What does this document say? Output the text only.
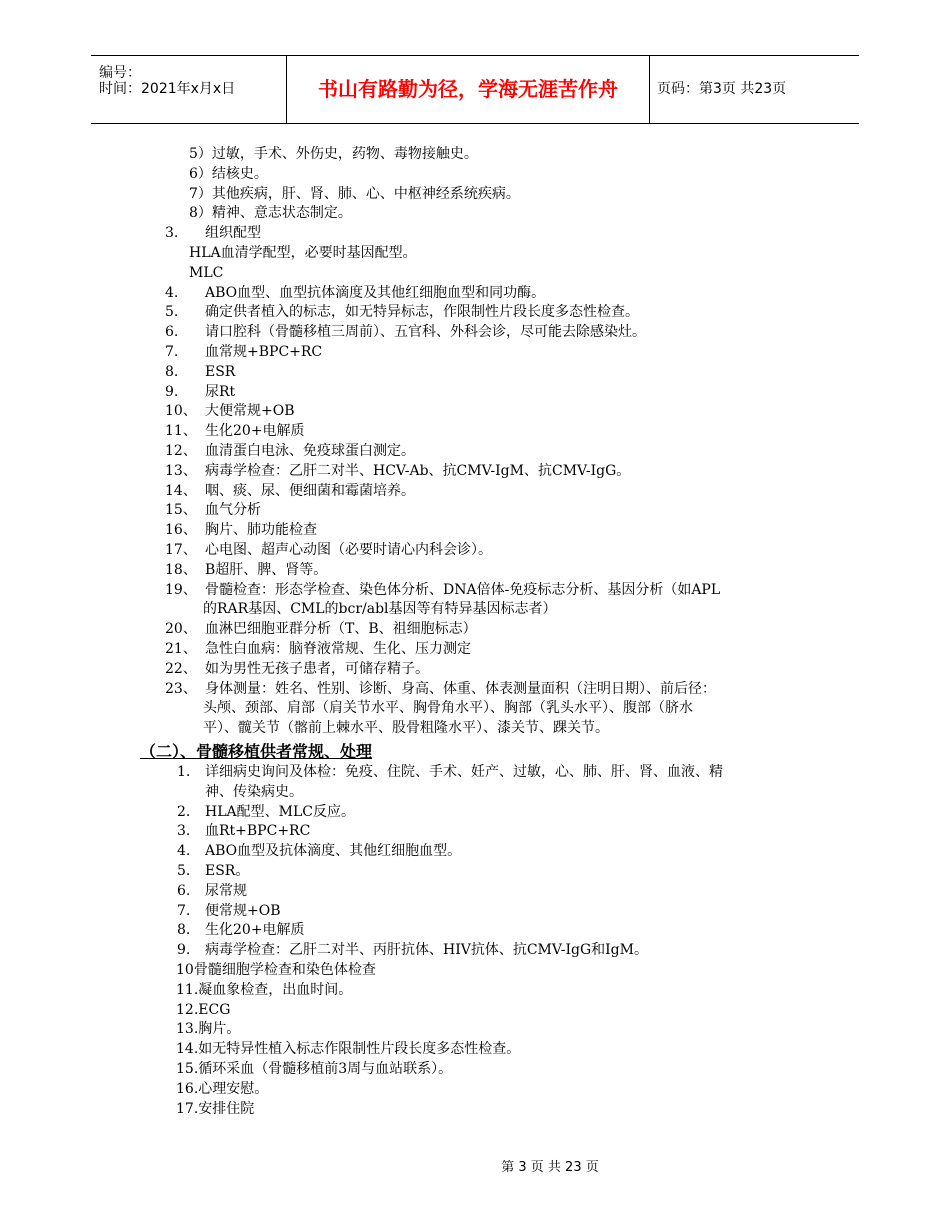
编号：
时间：2021年x月x日	书山有路勤为径，学海无涯苦作舟	页码：第3页 共23页
5）过敏，手术、外伤史，药物、毒物接触史。
6）结核史。
7）其他疾病，肝、肾、肺、心、中枢神经系统疾病。
8）精神、意志状态制定。
3. 组织配型
HLA血清学配型，必要时基因配型。
MLC
4. ABO血型、血型抗体滴度及其他红细胞血型和同功酶。
5. 确定供者植入的标志，如无特异标志，作限制性片段长度多态性检查。
6. 请口腔科（骨髓移植三周前）、五官科、外科会诊，尽可能去除感染灶。
7. 血常规+BPC+RC
8. ESR
9. 尿Rt
10、 大便常规+OB
11、 生化20+电解质
12、 血清蛋白电泳、免疫球蛋白测定。
13、 病毒学检查：乙肝二对半、HCV-Ab、抗CMV-IgM、抗CMV-IgG。
14、 咽、痰、尿、便细菌和霉菌培养。
15、 血气分析
16、 胸片、肺功能检查
17、 心电图、超声心动图（必要时请心内科会诊）。
18、 B超肝、脾、肾等。
19、 骨髓检查：形态学检查、染色体分析、DNA倍体-免疫标志分析、基因分析（如APL
的RAR基因、CML的bcr/abl基因等有特异基因标志者）
20、 血淋巴细胞亚群分析（T、B、祖细胞标志）
21、 急性白血病：脑脊液常规、生化、压力测定
22、 如为男性无孩子患者，可储存精子。
23、 身体测量：姓名、性别、诊断、身高、体重、体表测量面积（注明日期）、前后径：
头颅、颈部、肩部（肩关节水平、胸骨角水平）、胸部（乳头水平）、腹部（脐水
平）、髋关节（髂前上棘水平、股骨粗隆水平）、漆关节、踝关节。
（二）、骨髓移植供者常规、处理
1. 详细病史询问及体检：免疫、住院、手术、妊产、过敏，心、肺、肝、肾、血液、精
神、传染病史。
2. HLA配型、MLC反应。
3. 血Rt+BPC+RC
4. ABO血型及抗体滴度、其他红细胞血型。
5. ESR。
6. 尿常规
7. 便常规+OB
8. 生化20+电解质
9. 病毒学检查：乙肝二对半、丙肝抗体、HIV抗体、抗CMV-IgG和IgM。
10骨髓细胞学检查和染色体检查
11.凝血象检查，出血时间。
12.ECG
13.胸片。
14.如无特异性植入标志作限制性片段长度多态性检查。
15.循环采血（骨髓移植前3周与血站联系）。
16.心理安慰。
17.安排住院
第 3 页 共 23 页
